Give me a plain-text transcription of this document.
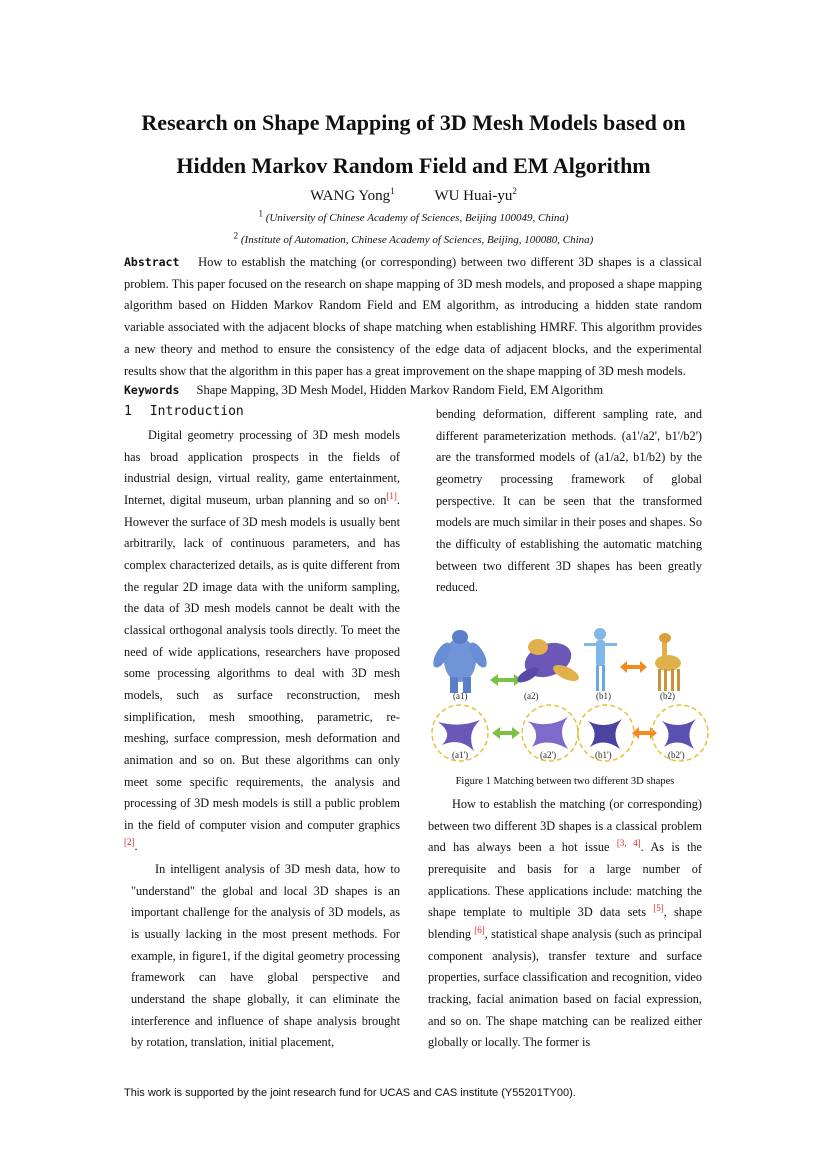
Research on Shape Mapping of 3D Mesh Models based on
Hidden Markov Random Field and EM Algorithm
WANG Yong$^1$	WU Huai-$yu^2$
$^1$ (University of Chinese Academy of Sciences, Beijing 100049, China)
$^2$ (Institute of Automation, Chinese Academy of Sciences, Beijing, 100080, China)
Abstract How to establish the matching (or corresponding) between two different 3D shapes is a classical problem. This paper focused on the research on shape mapping of 3D mesh models, and proposed a shape mapping algorithm based on Hidden Markov Random Field and EM algorithm, as introducing a hidden state random variable associated with the adjacent blocks of shape matching when establishing HMRF. This algorithm provides a new theory and method to ensure the consistency of the edge data of adjacent blocks, and the experimental results show that the algorithm in this paper has a great improvement on the shape mapping of 3D mesh models.
Keywords Shape Mapping, 3D Mesh Model, Hidden Markov Random Field, EM Algorithm
1 Introduction

Digital geometry processing of 3D mesh models has broad application prospects in the fields of industrial design, virtual reality, game entertainment, Internet, digital museum, urban planning and so on[1]. However the surface of 3D mesh models is usually bent arbitrarily, lack of continuous parameters, and has complex characterized details, as is quite different from the regular 2D image data with the uniform sampling, the data of 3D mesh models cannot be dealt with the classical orthogonal analysis tools directly. To meet the need of wide applications, researchers have proposed some processing algorithms to deal with 3D mesh models, such as surface reconstruction, mesh simplification, mesh smoothing, parametric, re-meshing, surface compression, mesh deformation and animation and so on. But these algorithms can only meet some specific requirements, the analysis and processing of 3D mesh models is still a public problem in the field of computer vision and computer graphics [2].

In intelligent analysis of 3D mesh data, how to "understand" the global and local 3D shapes is an important challenge for the analysis of 3D models, as is usually lacking in the most present methods. For example, in figure1, if the digital geometry processing framework can have global perspective and understand the shape globally, it can eliminate the interference and influence of shape analysis brought by rotation, translation, initial placement,

bending deformation, different sampling rate, and different parameterization methods. (a1'/a2', b1'/b2') are the transformed models of (a1/a2, b1/b2) by the geometry processing framework of global perspective. It can be seen that the transformed models are much similar in their poses and shapes. So the difficulty of establishing the automatic matching between two different 3D shapes has been greatly reduced.

(a1)	(a2)	(b1)	(b2)
(a1')	(a2')	(b1')	(b2')
Figure 1 Matching between two different 3D shapes

How to establish the matching (or corresponding) between two different 3D shapes is a classical problem and has always been a hot issue [3, 4]. As is the prerequisite and basis for a large number of applications. These applications include: matching the shape template to multiple 3D data sets [5], shape blending [6], statistical shape analysis (such as principal component analysis), transfer texture and surface properties, surface classification and recognition, video tracking, facial animation based on facial expression, and so on. The shape matching can be realized either globally or locally. The former is

This work is supported by the joint research fund for UCAS and CAS institute (Y55201TY00).
